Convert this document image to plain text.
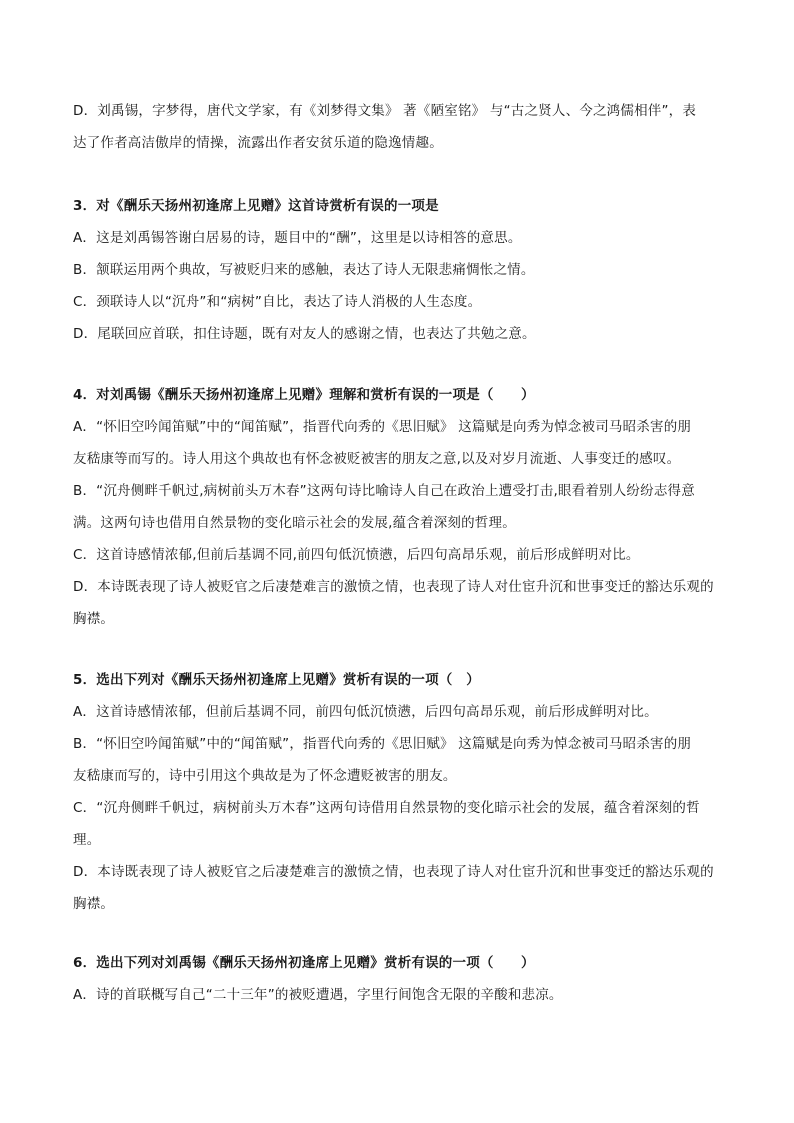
D．刘禹锡，字梦得，唐代文学家，有《刘梦得文集》 著《陋室铭》 与“古之贤人、今之鸿儒相伴”，表
达了作者高洁傲岸的情操，流露出作者安贫乐道的隐逸情趣。
3．对《酬乐天扬州初逢席上见赠》这首诗赏析有误的一项是
A．这是刘禹锡答谢白居易的诗，题目中的“酬”，这里是以诗相答的意思。
B．颔联运用两个典故，写被贬归来的感触，表达了诗人无限悲痛惆怅之情。
C．颈联诗人以“沉舟”和“病树”自比，表达了诗人消极的人生态度。
D．尾联回应首联，扣住诗题，既有对友人的感谢之情，也表达了共勉之意。
4．对刘禹锡《酬乐天扬州初逢席上见赠》理解和赏析有误的一项是（　　）
A．“怀旧空吟闻笛赋”中的“闻笛赋”，指晋代向秀的《思旧赋》 这篇赋是向秀为悼念被司马昭杀害的朋
友嵇康等而写的。诗人用这个典故也有怀念被贬被害的朋友之意,以及对岁月流逝、人事变迁的感叹。
B．“沉舟侧畔千帆过,病树前头万木春”这两句诗比喻诗人自己在政治上遭受打击,眼看着别人纷纷志得意
满。这两句诗也借用自然景物的变化暗示社会的发展,蕴含着深刻的哲理。
C．这首诗感情浓郁,但前后基调不同,前四句低沉愤懑，后四句高昂乐观，前后形成鲜明对比。
D．本诗既表现了诗人被贬官之后凄楚难言的激愤之情，也表现了诗人对仕宦升沉和世事变迁的豁达乐观的
胸襟。
5．选出下列对《酬乐天扬州初逢席上见赠》赏析有误的一项（　）
A．这首诗感情浓郁，但前后基调不同，前四句低沉愤懑，后四句高昂乐观，前后形成鲜明对比。
B．“怀旧空吟闻笛赋”中的“闻笛赋”，指晋代向秀的《思旧赋》 这篇赋是向秀为悼念被司马昭杀害的朋
友嵇康而写的，诗中引用这个典故是为了怀念遭贬被害的朋友。
C．“沉舟侧畔千帆过，病树前头万木春”这两句诗借用自然景物的变化暗示社会的发展，蕴含着深刻的哲
理。
D．本诗既表现了诗人被贬官之后凄楚难言的激愤之情，也表现了诗人对仕宦升沉和世事变迁的豁达乐观的
胸襟。
6．选出下列对刘禹锡《酬乐天扬州初逢席上见赠》赏析有误的一项（　　）
A．诗的首联概写自己“二十三年”的被贬遭遇，字里行间饱含无限的辛酸和悲凉。
